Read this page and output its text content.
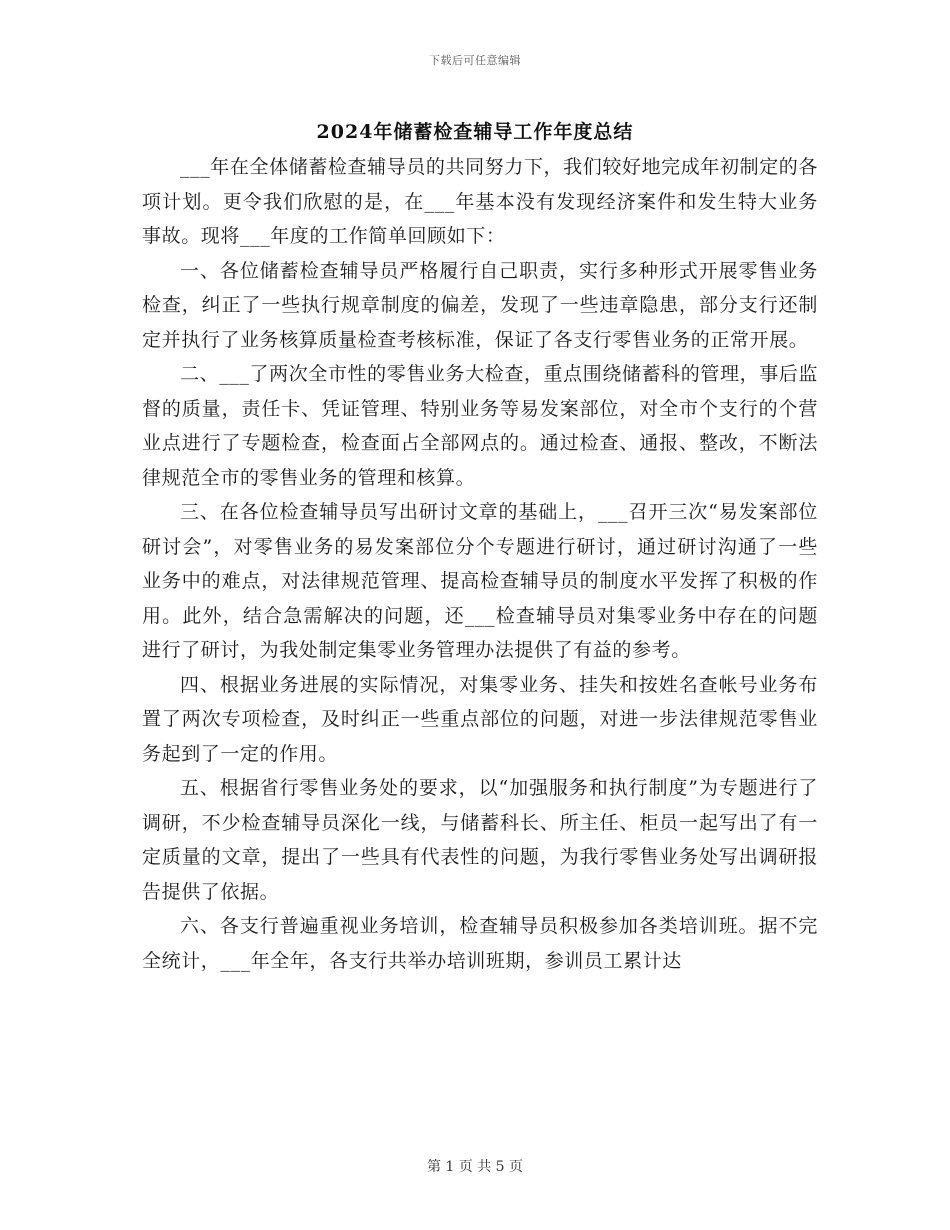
下载后可任意编辑
2024年储蓄检查辅导工作年度总结

___年在全体储蓄检查辅导员的共同努力下，我们较好地完成年初制定的各项计划。更令我们欣慰的是，在___年基本没有发现经济案件和发生特大业务事故。现将___年度的工作简单回顾如下：

一、各位储蓄检查辅导员严格履行自己职责，实行多种形式开展零售业务检查，纠正了一些执行规章制度的偏差，发现了一些违章隐患，部分支行还制定并执行了业务核算质量检查考核标准，保证了各支行零售业务的正常开展。

二、___了两次全市性的零售业务大检查，重点围绕储蓄科的管理，事后监督的质量，责任卡、凭证管理、特别业务等易发案部位，对全市个支行的个营业点进行了专题检查，检查面占全部网点的。通过检查、通报、整改，不断法律规范全市的零售业务的管理和核算。

三、在各位检查辅导员写出研讨文章的基础上，___召开三次“易发案部位研讨会”，对零售业务的易发案部位分个专题进行研讨，通过研讨沟通了一些业务中的难点，对法律规范管理、提高检查辅导员的制度水平发挥了积极的作用。此外，结合急需解决的问题，还___检查辅导员对集零业务中存在的问题进行了研讨，为我处制定集零业务管理办法提供了有益的参考。

四、根据业务进展的实际情况，对集零业务、挂失和按姓名查帐号业务布置了两次专项检查，及时纠正一些重点部位的问题，对进一步法律规范零售业务起到了一定的作用。

五、根据省行零售业务处的要求，以“加强服务和执行制度”为专题进行了调研，不少检查辅导员深化一线，与储蓄科长、所主任、柜员一起写出了有一定质量的文章，提出了一些具有代表性的问题，为我行零售业务处写出调研报告提供了依据。

六、各支行普遍重视业务培训，检查辅导员积极参加各类培训班。据不完全统计，___年全年，各支行共举办培训班期，参训员工累计达

第 1 页 共 5 页
